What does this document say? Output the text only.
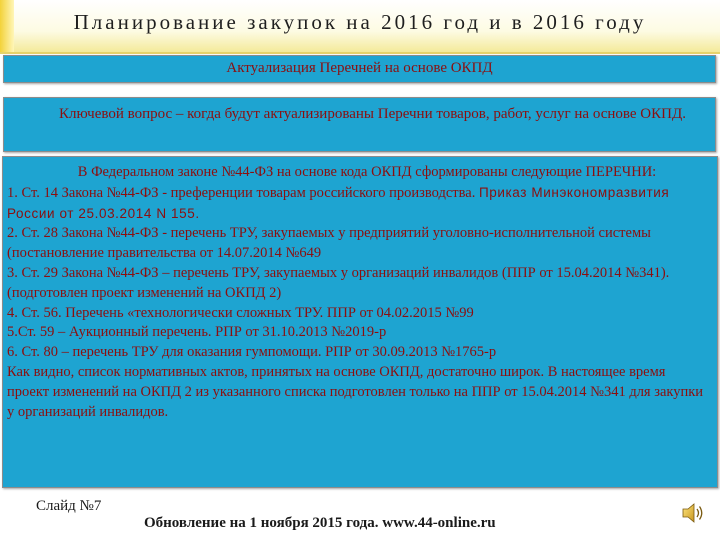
Планирование закупок на 2016 год и в 2016 году
Актуализация Перечней на основе ОКПД
Ключевой вопрос – когда будут актуализированы Перечни товаров, работ, услуг на основе ОКПД.

В Федеральном законе №44-ФЗ на основе кода ОКПД сформированы следующие ПЕРЕЧНИ:

1. Ст. 14 Закона №44-ФЗ - преференции товарам российского производства. Приказ Минэкономразвития России от 25.03.2014 N 155.

2. Ст. 28 Закона №44-ФЗ - перечень ТРУ, закупаемых у предприятий уголовно-исполнительной системы (постановление правительства от 14.07.2014 №649

3. Ст. 29 Закона №44-ФЗ – перечень ТРУ, закупаемых у организаций инвалидов (ППР от 15.04.2014 №341). (подготовлен проект изменений на ОКПД 2)

4. Ст. 56. Перечень «технологически сложных ТРУ. ППР от 04.02.2015 №99

5.Ст. 59 – Аукционный перечень. РПР от 31.10.2013 №2019-р

6. Ст. 80 – перечень ТРУ для оказания гумпомощи. РПР от 30.09.2013 №1765-р

Как видно, список нормативных актов, принятых на основе ОКПД, достаточно широк. В настоящее время проект изменений на ОКПД 2 из указанного списка подготовлен только на ППР от 15.04.2014 №341 для закупки у организаций инвалидов.

Слайд №7
Обновление на 1 ноября 2015 года. www.44-online.ru
